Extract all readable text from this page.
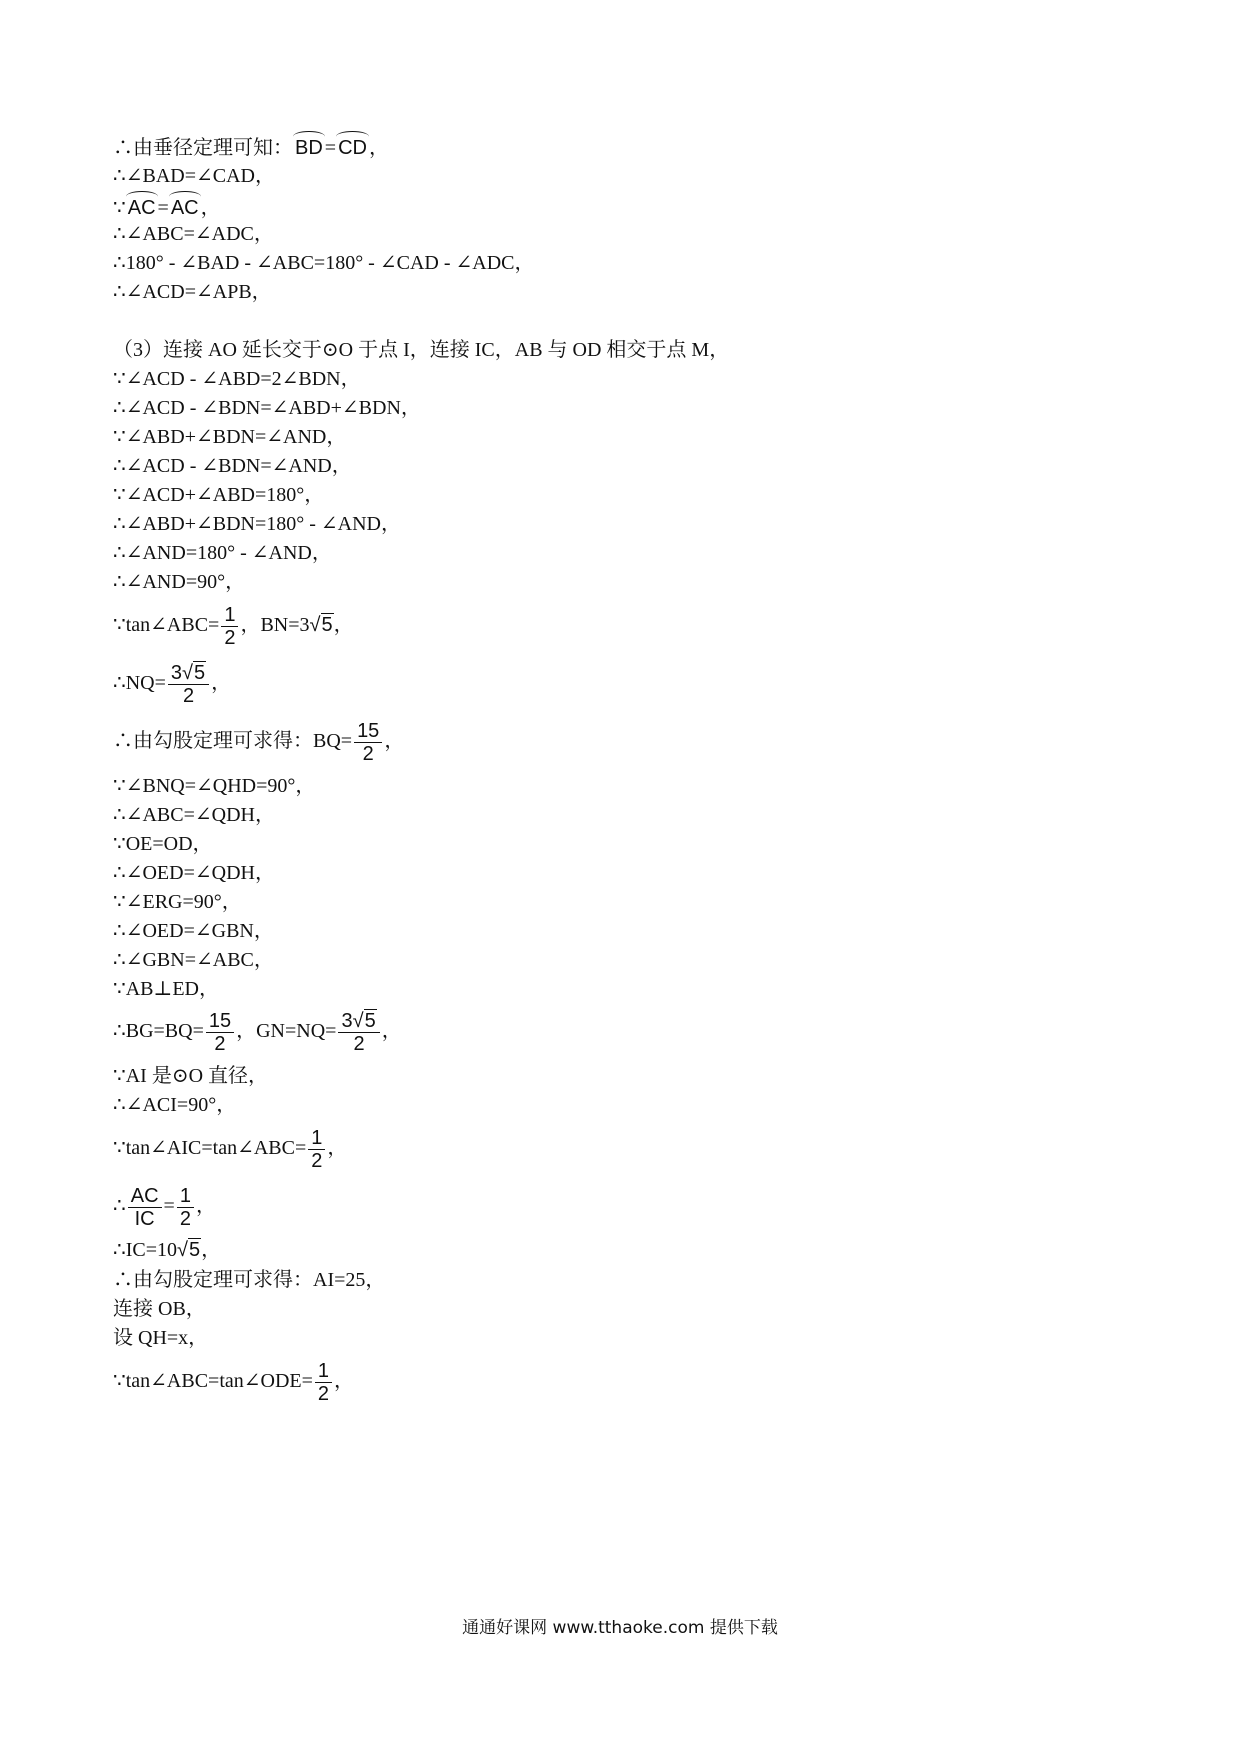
∴由垂径定理可知： BD = CD ，
∴∠BAD=∠CAD，
∵ AC = AC ，
∴∠ABC=∠ADC，
∴180° - ∠BAD - ∠ABC=180° - ∠CAD - ∠ADC，
∴∠ACD=∠APB，
（3）连接 AO 延长交于⊙O 于点 I，连接 IC，AB 与 OD 相交于点 M，
∵∠ACD - ∠ABD=2∠BDN，
∴∠ACD - ∠BDN=∠ABD+∠BDN，
∵∠ABD+∠BDN=∠AND，
∴∠ACD - ∠BDN=∠AND，
∵∠ACD+∠ABD=180°，
∴∠ABD+∠BDN=180° - ∠AND，
∴∠AND=180° - ∠AND，
∴∠AND=90°，
∵tan∠ABC= $\frac{1}{2}$ ，BN=3√5，
∴NQ= $\frac{3√5}{2}$ ，
∴由勾股定理可求得：$BQ= \frac{15}{2}$ ，
∵∠BNQ=∠QHD=90°，
∴∠ABC=∠QDH，
∵OE=OD，
∴∠OED=∠QDH，
∵∠ERG=90°，
∴∠OED=∠GBN，
∴∠GBN=∠ABC，
∵AB⊥ED，
∴BG=BQ= $\frac{15}{2}$ ，$GN=NQ= \frac{3√5}{2}$ ，
∵AI 是⊙O 直径，
∴∠ACI=90°，
∵tan∠AIC=tan∠ABC= $\frac{1}{2}$ ，
∴ $\frac{AC}{IC} = \frac{1}{2}$ ，
∴IC=10√5，
∴由勾股定理可求得：AI=25，
连接 OB，
设 QH=x，
∵tan∠ABC=tan∠ODE= $\frac{1}{2}$ ，
通通好课网 www.tthaoke.com 提供下载
